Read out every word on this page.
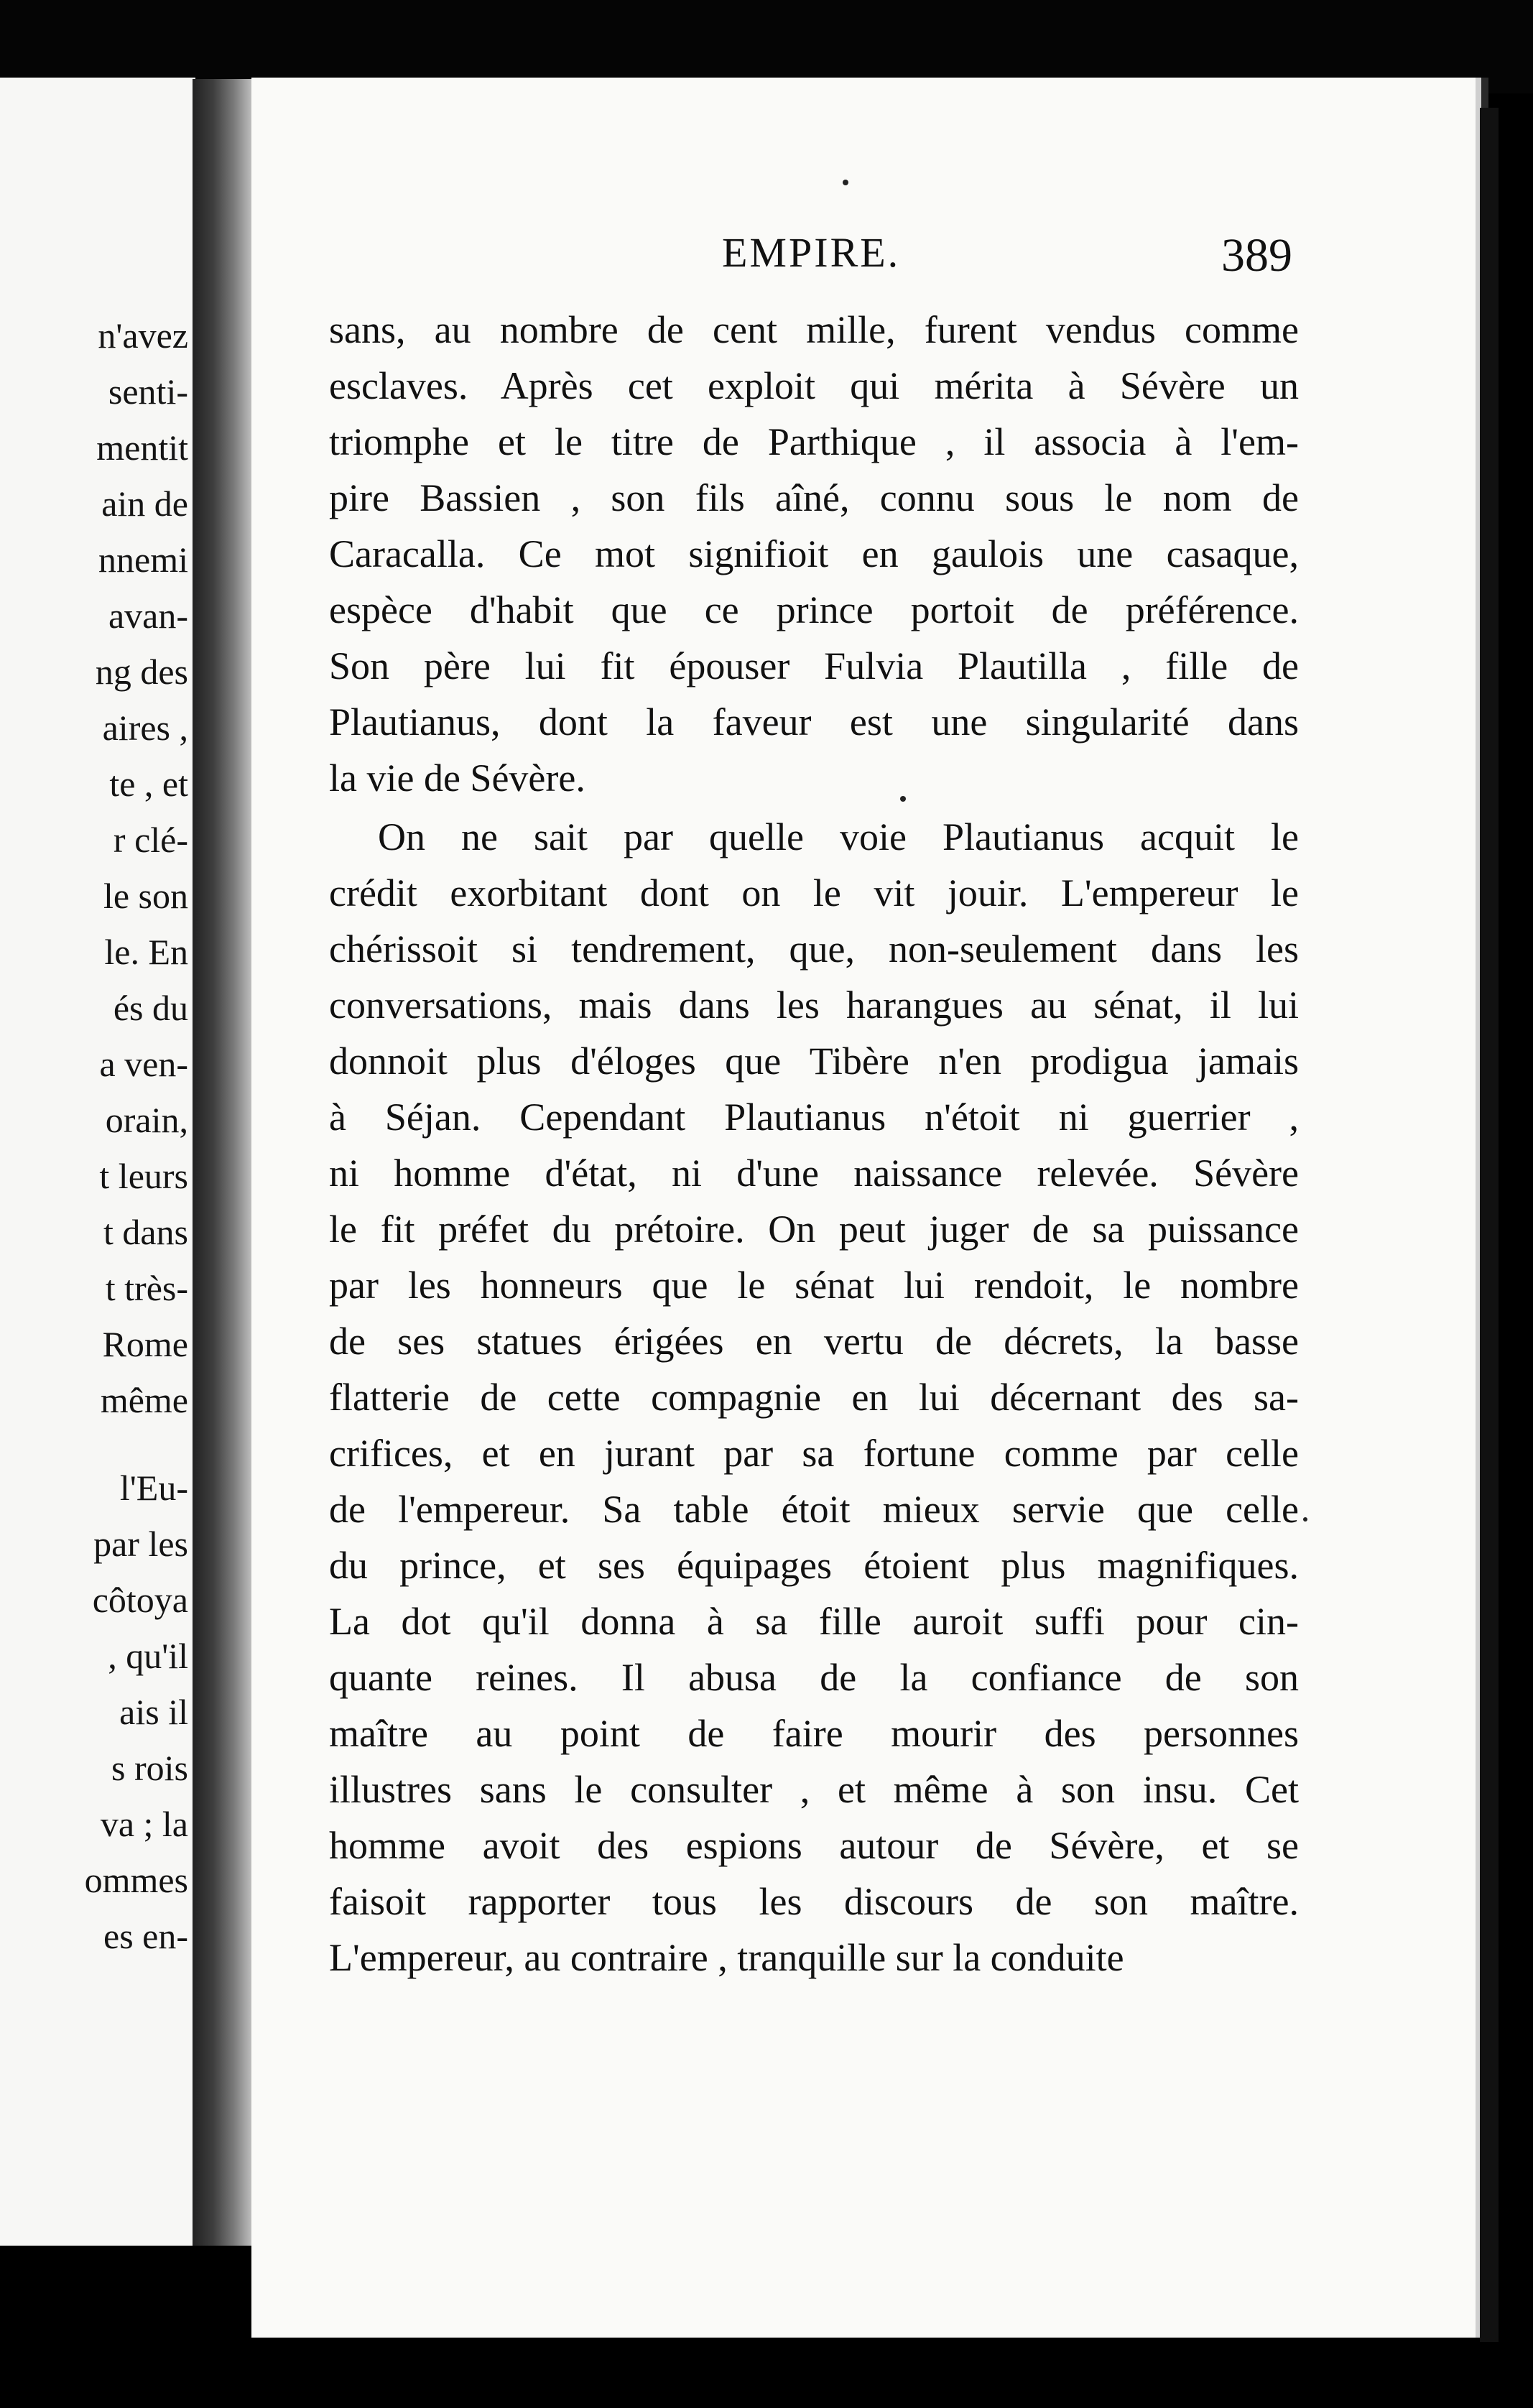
n'avez
senti-
mentit
ain de
nnemi
avan-
ng des
aires ,
te , et
r clé-
le son
le. En
és du
a ven-
orain,
t leurs
t dans
t très-
Rome
même
l'Eu-
par les
côtoya
, qu'il
ais il
s rois
va ; la
ommes
es en-
EMPIRE.	389
sans, au nombre de cent mille, furent vendus comme
esclaves. Après cet exploit qui mérita à Sévère un
triomphe et le titre de Parthique , il associa à l'em-
pire Bassien , son fils aîné, connu sous le nom de
Caracalla. Ce mot signifioit en gaulois une casaque,
espèce d'habit que ce prince portoit de préférence.
Son père lui fit épouser Fulvia Plautilla , fille de
Plautianus, dont la faveur est une singularité dans
la vie de Sévère.
On ne sait par quelle voie Plautianus acquit le
crédit exorbitant dont on le vit jouir. L'empereur le
chérissoit si tendrement, que, non-seulement dans les
conversations, mais dans les harangues au sénat, il lui
donnoit plus d'éloges que Tibère n'en prodigua jamais
à Séjan. Cependant Plautianus n'étoit ni guerrier ,
ni homme d'état, ni d'une naissance relevée. Sévère
le fit préfet du prétoire. On peut juger de sa puissance
par les honneurs que le sénat lui rendoit, le nombre
de ses statues érigées en vertu de décrets, la basse
flatterie de cette compagnie en lui décernant des sa-
crifices, et en jurant par sa fortune comme par celle
de l'empereur. Sa table étoit mieux servie que celle
du prince, et ses équipages étoient plus magnifiques.
La dot qu'il donna à sa fille auroit suffi pour cin-
quante reines. Il abusa de la confiance de son
maître au point de faire mourir des personnes
illustres sans le consulter , et même à son insu. Cet
homme avoit des espions autour de Sévère, et se
faisoit rapporter tous les discours de son maître.
L'empereur, au contraire , tranquille sur la conduite
